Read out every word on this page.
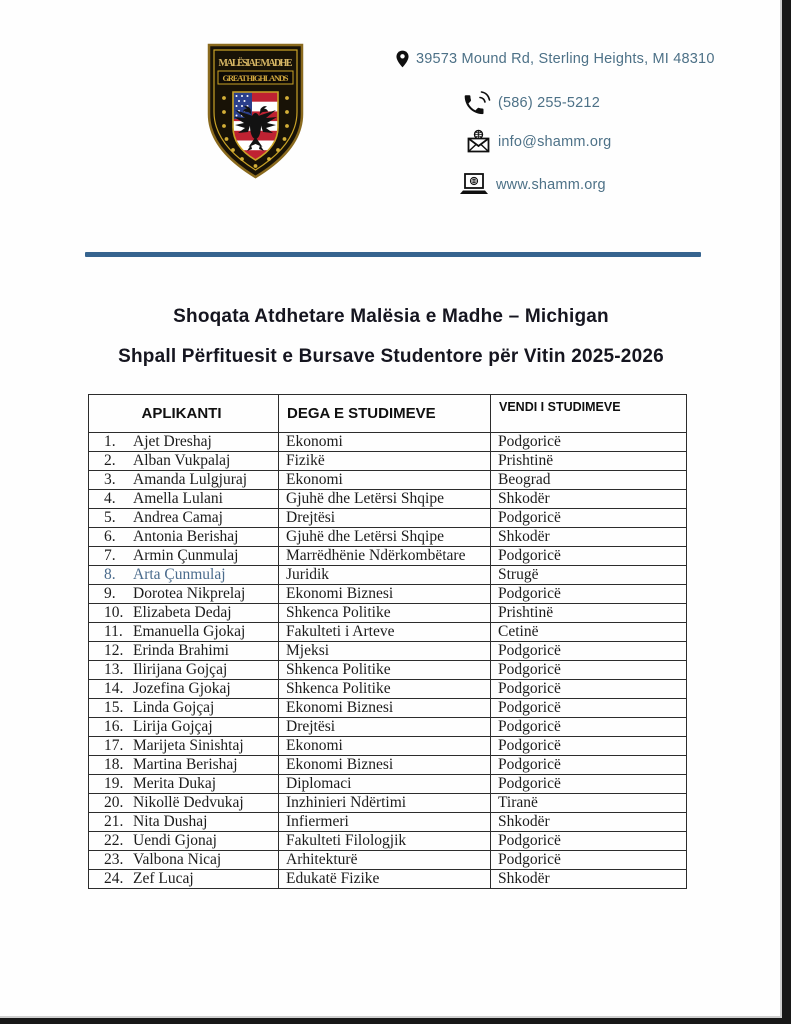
MALËSIA E MADHE
GREAT HIGHLANDS
39573 Mound Rd, Sterling Heights, MI 48310
(586) 255-5212
info@shamm.org
www.shamm.org
Shoqata Atdhetare Malësia e Madhe – Michigan
Shpall Përfituesit e Bursave Studentore për Vitin 2025-2026
APLIKANTI	DEGA E STUDIMEVE	VENDI I STUDIMEVE
1. Ajet Dreshaj	Ekonomi	Podgoricë
2. Alban Vukpalaj	Fizikë	Prishtinë
3. Amanda Lulgjuraj	Ekonomi	Beograd
4. Amella Lulani	Gjuhë dhe Letërsi Shqipe	Shkodër
5. Andrea Camaj	Drejtësi	Podgoricë
6. Antonia Berishaj	Gjuhë dhe Letërsi Shqipe	Shkodër
7. Armin Çunmulaj	Marrëdhënie Ndërkombëtare	Podgoricë
8. Arta Çunmulaj	Juridik	Strugë
9. Dorotea Nikprelaj	Ekonomi Biznesi	Podgoricë
10. Elizabeta Dedaj	Shkenca Politike	Prishtinë
11. Emanuella Gjokaj	Fakulteti i Arteve	Cetinë
12. Erinda Brahimi	Mjeksi	Podgoricë
13. Ilirijana Gojçaj	Shkenca Politike	Podgoricë
14. Jozefina Gjokaj	Shkenca Politike	Podgoricë
15. Linda Gojçaj	Ekonomi Biznesi	Podgoricë
16. Lirija Gojçaj	Drejtësi	Podgoricë
17. Marijeta Sinishtaj	Ekonomi	Podgoricë
18. Martina Berishaj	Ekonomi Biznesi	Podgoricë
19. Merita Dukaj	Diplomaci	Podgoricë
20. Nikollë Dedvukaj	Inzhinieri Ndërtimi	Tiranë
21. Nita Dushaj	Infiermeri	Shkodër
22. Uendi Gjonaj	Fakulteti Filologjik	Podgoricë
23. Valbona Nicaj	Arhitekturë	Podgoricë
24. Zef Lucaj	Edukatë Fizike	Shkodër
